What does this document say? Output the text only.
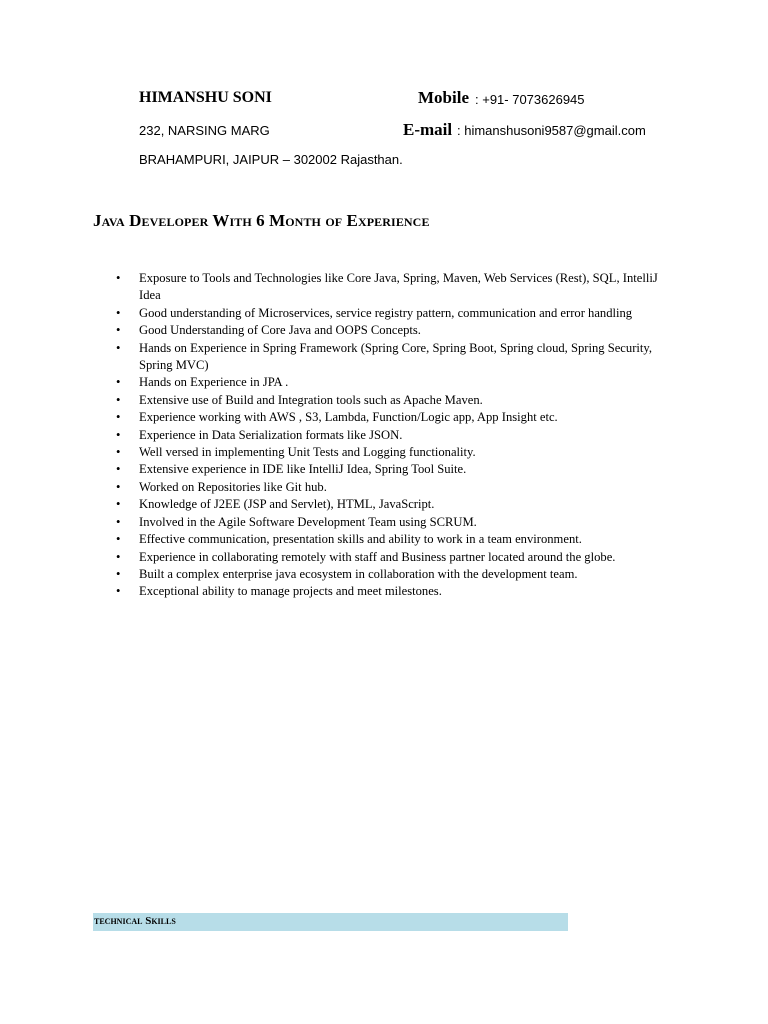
HIMANSHU SONI	Mobile : +91- 7073626945
232, NARSING MARG	E-mail : himanshusoni9587@gmail.com
BRAHAMPURI, JAIPUR – 302002 Rajasthan.
Java Developer With 6 Month of Experience
• Exposure to Tools and Technologies like Core Java, Spring, Maven, Web Services (Rest), SQL, IntelliJ Idea
• Good understanding of Microservices, service registry pattern, communication and error handling
• Good Understanding of Core Java and OOPS Concepts.
• Hands on Experience in Spring Framework (Spring Core, Spring Boot, Spring cloud, Spring Security, Spring MVC)
• Hands on Experience in JPA .
• Extensive use of Build and Integration tools such as Apache Maven.
• Experience working with AWS , S3, Lambda, Function/Logic app, App Insight etc.
• Experience in Data Serialization formats like JSON.
• Well versed in implementing Unit Tests and Logging functionality.
• Extensive experience in IDE like IntelliJ Idea, Spring Tool Suite.
• Worked on Repositories like Git hub.
• Knowledge of J2EE (JSP and Servlet), HTML, JavaScript.
• Involved in the Agile Software Development Team using SCRUM.
• Effective communication, presentation skills and ability to work in a team environment.
• Experience in collaborating remotely with staff and Business partner located around the globe.
• Built a complex enterprise java ecosystem in collaboration with the development team.
• Exceptional ability to manage projects and meet milestones.
technical Skills
